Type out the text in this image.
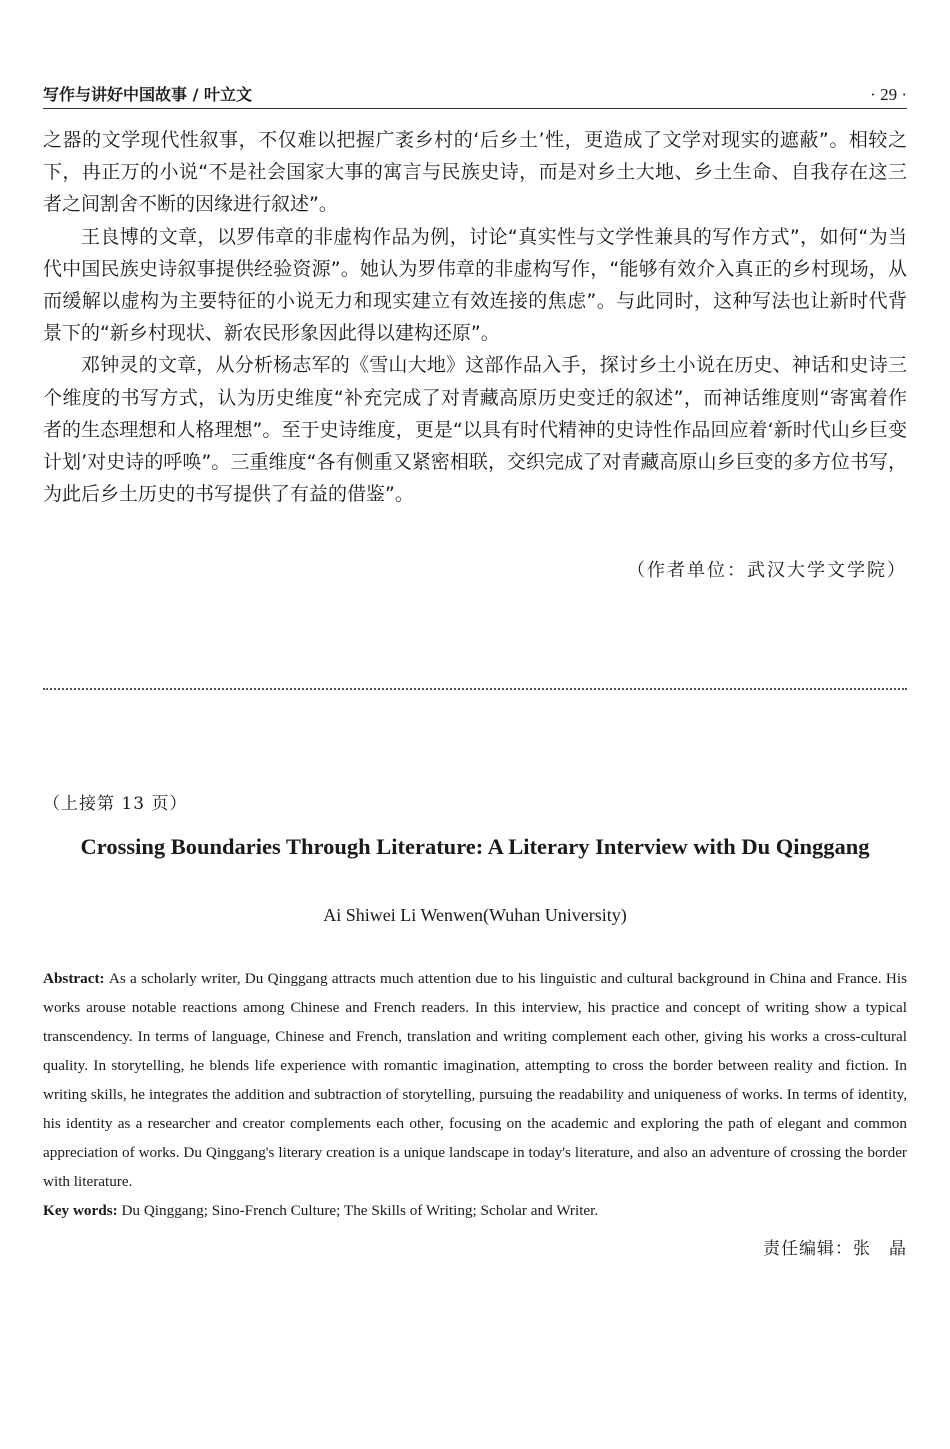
写作与讲好中国故事 / 叶立文	· 29 ·

之器的文学现代性叙事，不仅难以把握广袤乡村的‘后乡土’性，更造成了文学对现实的遮蔽”。相较之下，冉正万的小说“不是社会国家大事的寓言与民族史诗，而是对乡土大地、乡土生命、自我存在这三者之间割舍不断的因缘进行叙述”。

王良博的文章，以罗伟章的非虚构作品为例，讨论“真实性与文学性兼具的写作方式”，如何“为当代中国民族史诗叙事提供经验资源”。她认为罗伟章的非虚构写作，“能够有效介入真正的乡村现场，从而缓解以虚构为主要特征的小说无力和现实建立有效连接的焦虑”。与此同时，这种写法也让新时代背景下的“新乡村现状、新农民形象因此得以建构还原”。

邓钟灵的文章，从分析杨志军的《雪山大地》这部作品入手，探讨乡土小说在历史、神话和史诗三个维度的书写方式，认为历史维度“补充完成了对青藏高原历史变迁的叙述”，而神话维度则“寄寓着作者的生态理想和人格理想”。至于史诗维度，更是“以具有时代精神的史诗性作品回应着‘新时代山乡巨变计划’对史诗的呼唤”。三重维度“各有侧重又紧密相联，交织完成了对青藏高原山乡巨变的多方位书写，为此后乡土历史的书写提供了有益的借鉴”。

（作者单位：武汉大学文学院）
（上接第 13 页）
Crossing Boundaries Through Literature: A Literary Interview with Du Qinggang
Ai Shiwei Li Wenwen(Wuhan University)

Abstract: As a scholarly writer, Du Qinggang attracts much attention due to his linguistic and cultural background in China and France. His works arouse notable reactions among Chinese and French readers. In this interview, his practice and concept of writing show a typical transcendency. In terms of language, Chinese and French, translation and writing complement each other, giving his works a cross-cultural quality. In storytelling, he blends life experience with romantic imagination, attempting to cross the border between reality and fiction. In writing skills, he integrates the addition and subtraction of storytelling, pursuing the readability and uniqueness of works. In terms of identity, his identity as a researcher and creator complements each other, focusing on the academic and exploring the path of elegant and common appreciation of works. Du Qinggang's literary creation is a unique landscape in today's literature, and also an adventure of crossing the border with literature.

Key words: Du Qinggang; Sino-French Culture; The Skills of Writing; Scholar and Writer.

责任编辑：张　晶
